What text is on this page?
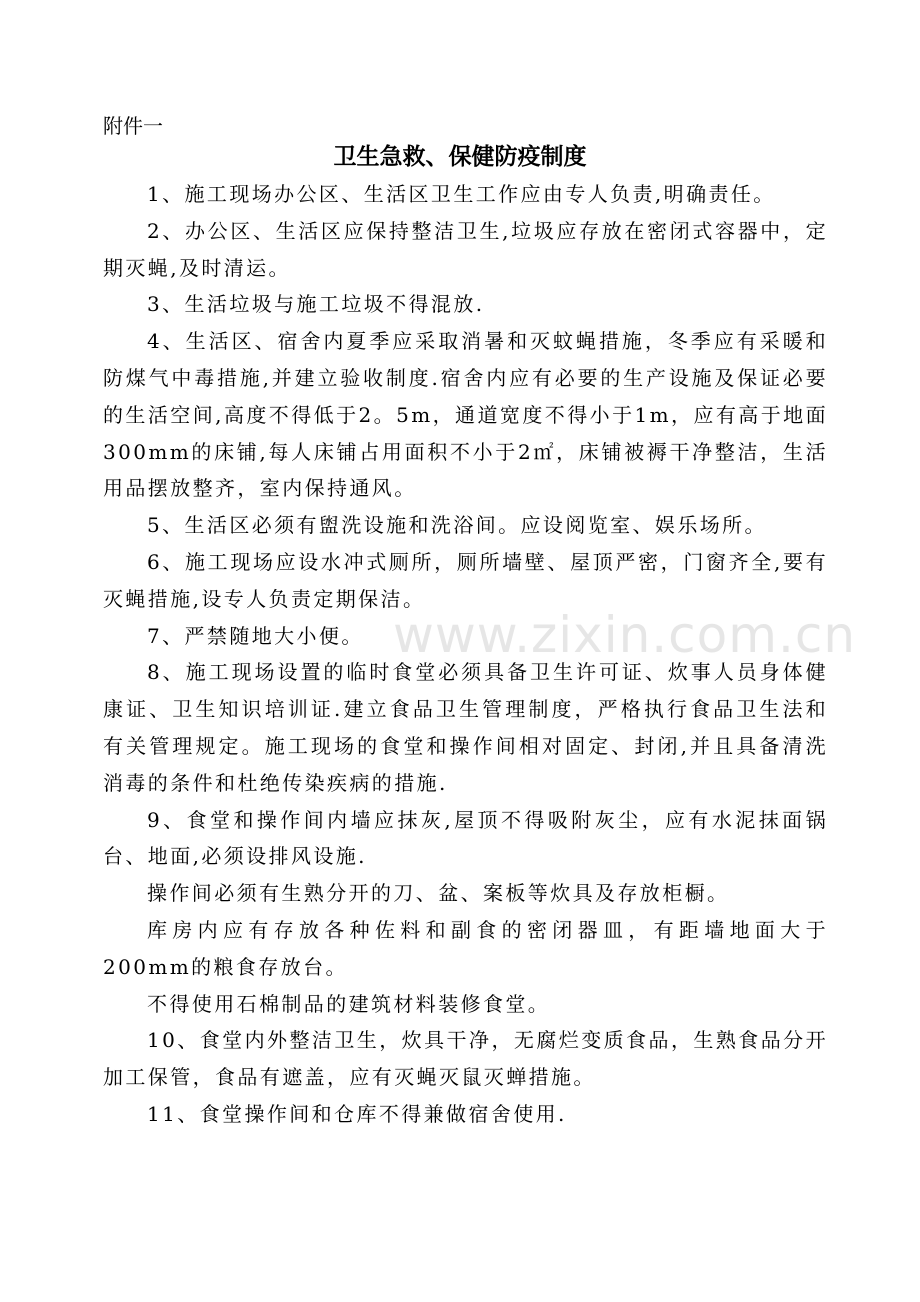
附件一
卫生急救、保健防疫制度

1、施工现场办公区、生活区卫生工作应由专人负责,明确责任。

2、办公区、生活区应保持整洁卫生,垃圾应存放在密闭式容器中，定期灭蝇,及时清运。

3、生活垃圾与施工垃圾不得混放.

4、生活区、宿舍内夏季应采取消暑和灭蚊蝇措施，冬季应有采暖和防煤气中毒措施,并建立验收制度.宿舍内应有必要的生产设施及保证必要的生活空间,高度不得低于2。5m，通道宽度不得小于1m，应有高于地面300mm的床铺,每人床铺占用面积不小于2㎡，床铺被褥干净整洁，生活用品摆放整齐，室内保持通风。

5、生活区必须有盥洗设施和洗浴间。应设阅览室、娱乐场所。

6、施工现场应设水冲式厕所，厕所墙壁、屋顶严密，门窗齐全,要有灭蝇措施,设专人负责定期保洁。

7、严禁随地大小便。

8、施工现场设置的临时食堂必须具备卫生许可证、炊事人员身体健康证、卫生知识培训证.建立食品卫生管理制度，严格执行食品卫生法和有关管理规定。施工现场的食堂和操作间相对固定、封闭,并且具备清洗消毒的条件和杜绝传染疾病的措施.

9、食堂和操作间内墙应抹灰,屋顶不得吸附灰尘，应有水泥抹面锅台、地面,必须设排风设施.

操作间必须有生熟分开的刀、盆、案板等炊具及存放柜橱。

库房内应有存放各种佐料和副食的密闭器皿，有距墙地面大于200mm的粮食存放台。

不得使用石棉制品的建筑材料装修食堂。

10、食堂内外整洁卫生，炊具干净，无腐烂变质食品，生熟食品分开加工保管，食品有遮盖，应有灭蝇灭鼠灭蝉措施。

11、食堂操作间和仓库不得兼做宿舍使用.

www.zixin.com.cn
